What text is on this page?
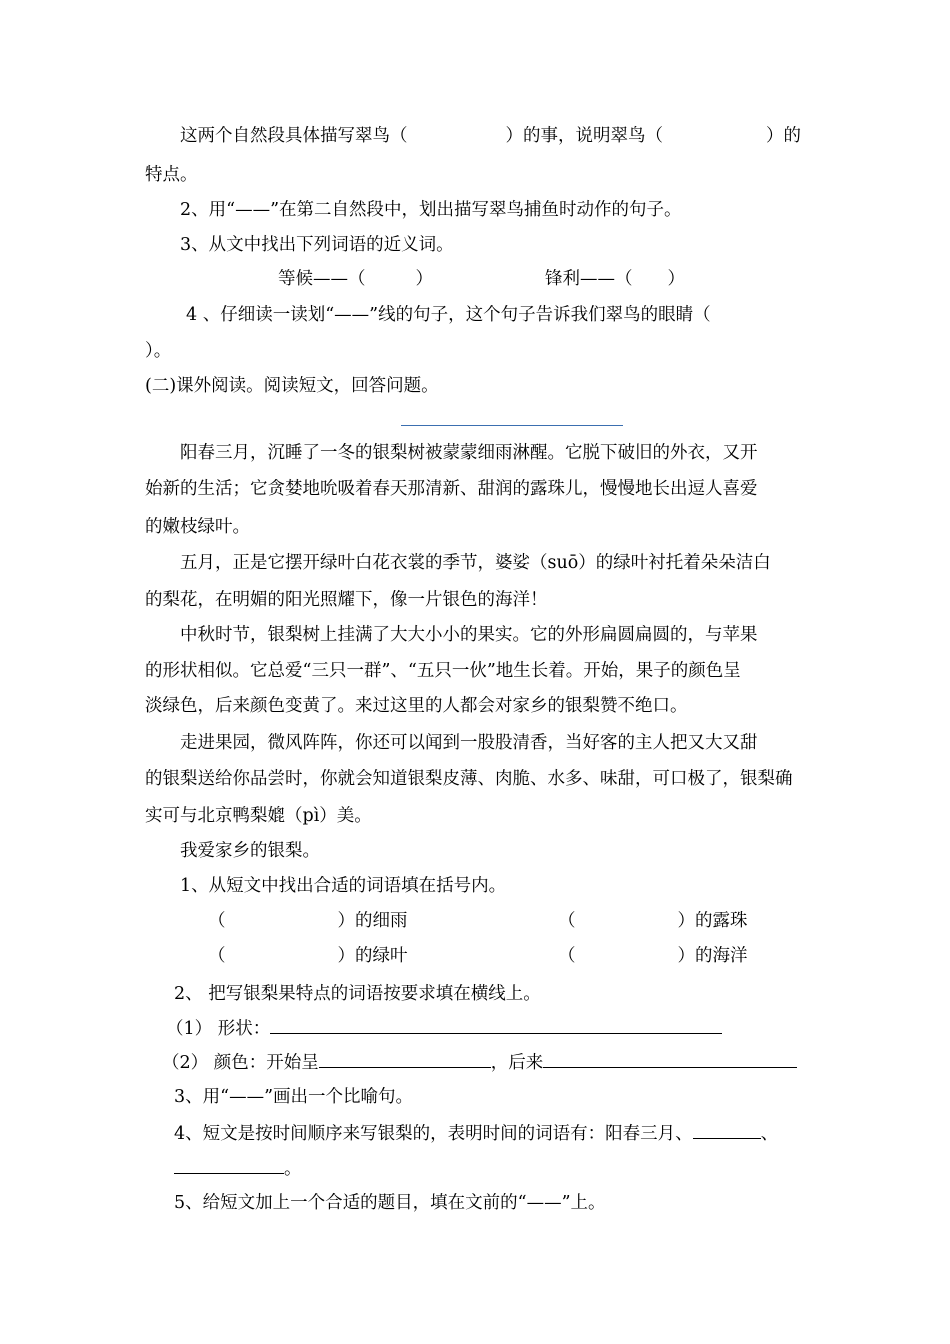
这两个自然段具体描写翠鸟（	）的事，说明翠鸟（	）的
特点。
2、用“——”在第二自然段中，划出描写翠鸟捕鱼时动作的句子。
3、从文中找出下列词语的近义词。
等候——（	）	锋利——（ ）
4 、仔细读一读划“——”线的句子，这个句子告诉我们翠鸟的眼睛（
）。
(二)课外阅读。阅读短文，回答问题。
阳春三月，沉睡了一冬的银梨树被蒙蒙细雨淋醒。它脱下破旧的外衣，又开
始新的生活；它贪婪地吮吸着春天那清新、甜润的露珠儿，慢慢地长出逗人喜爱
的嫩枝绿叶。
五月，正是它摆开绿叶白花衣裳的季节，婆娑（suō）的绿叶衬托着朵朵洁白
的梨花，在明媚的阳光照耀下，像一片银色的海洋！
中秋时节，银梨树上挂满了大大小小的果实。它的外形扁圆扁圆的，与苹果
的形状相似。它总爱“三只一群”、“五只一伙”地生长着。开始，果子的颜色呈
淡绿色，后来颜色变黄了。来过这里的人都会对家乡的银梨赞不绝口。
走进果园，微风阵阵，你还可以闻到一股股清香，当好客的主人把又大又甜
的银梨送给你品尝时，你就会知道银梨皮薄、肉脆、水多、味甜，可口极了，银梨确
实可与北京鸭梨媲（pì）美。
我爱家乡的银梨。
1、从短文中找出合适的词语填在括号内。
（	）的细雨	（	）的露珠
（	）的绿叶	（	）的海洋
2、 把写银梨果特点的词语按要求填在横线上。
（1） 形状：
（2） 颜色：开始呈	，后来
3、用“——”画出一个比喻句。
4、短文是按时间顺序来写银梨的，表明时间的词语有：阳春三月、	、
。
5、给短文加上一个合适的题目，填在文前的“——”上。
